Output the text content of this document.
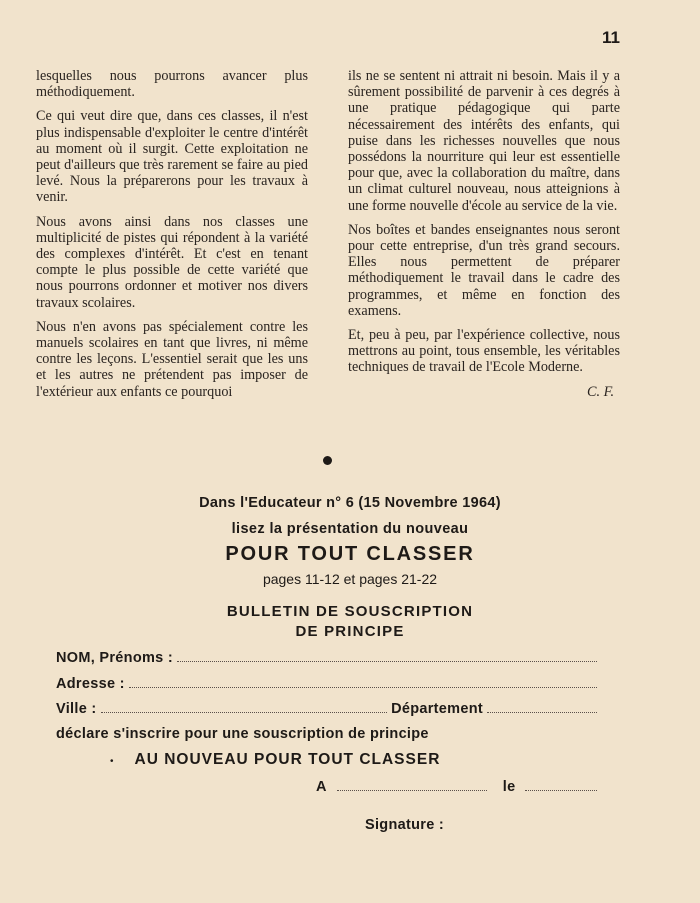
11

lesquelles nous pourrons avancer plus méthodiquement.

Ce qui veut dire que, dans ces classes, il n'est plus indispensable d'exploiter le centre d'intérêt au moment où il surgit. Cette exploitation ne peut d'ailleurs que très rarement se faire au pied levé. Nous la préparerons pour les travaux à venir.

Nous avons ainsi dans nos classes une multiplicité de pistes qui répondent à la variété des complexes d'intérêt. Et c'est en tenant compte le plus possible de cette variété que nous pourrons ordonner et motiver nos divers travaux scolaires.

Nous n'en avons pas spécialement contre les manuels scolaires en tant que livres, ni même contre les leçons. L'essentiel serait que les uns et les autres ne prétendent pas imposer de l'extérieur aux enfants ce pourquoi

ils ne se sentent ni attrait ni besoin. Mais il y a sûrement possibilité de parvenir à ces degrés à une pratique pédagogique qui parte nécessairement des intérêts des enfants, qui puise dans les richesses nouvelles que nous possédons la nourriture qui leur est essentielle pour que, avec la collaboration du maître, dans un climat culturel nouveau, nous atteignions à une forme nouvelle d'école au service de la vie.

Nos boîtes et bandes enseignantes nous seront pour cette entreprise, d'un très grand secours. Elles nous permettent de préparer méthodiquement le travail dans le cadre des programmes, et même en fonction des examens.

Et, peu à peu, par l'expérience collective, nous mettrons au point, tous ensemble, les véritables techniques de travail de l'Ecole Moderne.

C. F.
Dans l'Educateur n° 6 (15 Novembre 1964)
lisez la présentation du nouveau
POUR TOUT CLASSER
pages 11-12 et pages 21-22
BULLETIN DE SOUSCRIPTION
DE PRINCIPE
NOM, Prénoms :
Adresse :
Ville :	Département
déclare s'inscrire pour une souscription de principe
• AU NOUVEAU POUR TOUT CLASSER
A	le
Signature :
